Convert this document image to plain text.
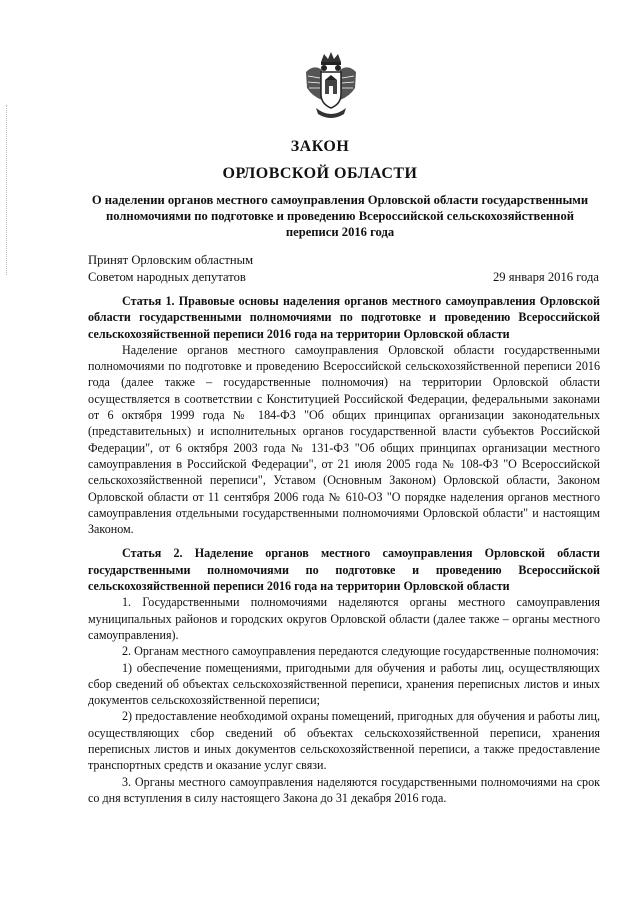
ЗАКОН
ОРЛОВСКОЙ ОБЛАСТИ
О наделении органов местного самоуправления Орловской области государственными полномочиями по подготовке и проведению Всероссийской сельскохозяйственной переписи 2016 года
Принят Орловским областным
Советом народных депутатов	29 января 2016 года

Статья 1. Правовые основы наделения органов местного самоуправления Орловской области государственными полномочиями по подготовке и проведению Всероссийской сельскохозяйственной переписи 2016 года на территории Орловской области

Наделение органов местного самоуправления Орловской области государственными полномочиями по подготовке и проведению Всероссийской сельскохозяйственной переписи 2016 года (далее также – государственные полномочия) на территории Орловской области осуществляется в соответствии с Конституцией Российской Федерации, федеральными законами от 6 октября 1999 года № 184-ФЗ "Об общих принципах организации законодательных (представительных) и исполнительных органов государственной власти субъектов Российской Федерации", от 6 октября 2003 года № 131-ФЗ "Об общих принципах организации местного самоуправления в Российской Федерации", от 21 июля 2005 года № 108-ФЗ "О Всероссийской сельскохозяйственной переписи", Уставом (Основным Законом) Орловской области, Законом Орловской области от 11 сентября 2006 года № 610-ОЗ "О порядке наделения органов местного самоуправления отдельными государственными полномочиями Орловской области" и настоящим Законом.

Статья 2. Наделение органов местного самоуправления Орловской области государственными полномочиями по подготовке и проведению Всероссийской сельскохозяйственной переписи 2016 года на территории Орловской области

1. Государственными полномочиями наделяются органы местного самоуправления муниципальных районов и городских округов Орловской области (далее также – органы местного самоуправления).

2. Органам местного самоуправления передаются следующие государственные полномочия:

1) обеспечение помещениями, пригодными для обучения и работы лиц, осуществляющих сбор сведений об объектах сельскохозяйственной переписи, хранения переписных листов и иных документов сельскохозяйственной переписи;

2) предоставление необходимой охраны помещений, пригодных для обучения и работы лиц, осуществляющих сбор сведений об объектах сельскохозяйственной переписи, хранения переписных листов и иных документов сельскохозяйственной переписи, а также предоставление транспортных средств и оказание услуг связи.

3. Органы местного самоуправления наделяются государственными полномочиями на срок со дня вступления в силу настоящего Закона до 31 декабря 2016 года.
